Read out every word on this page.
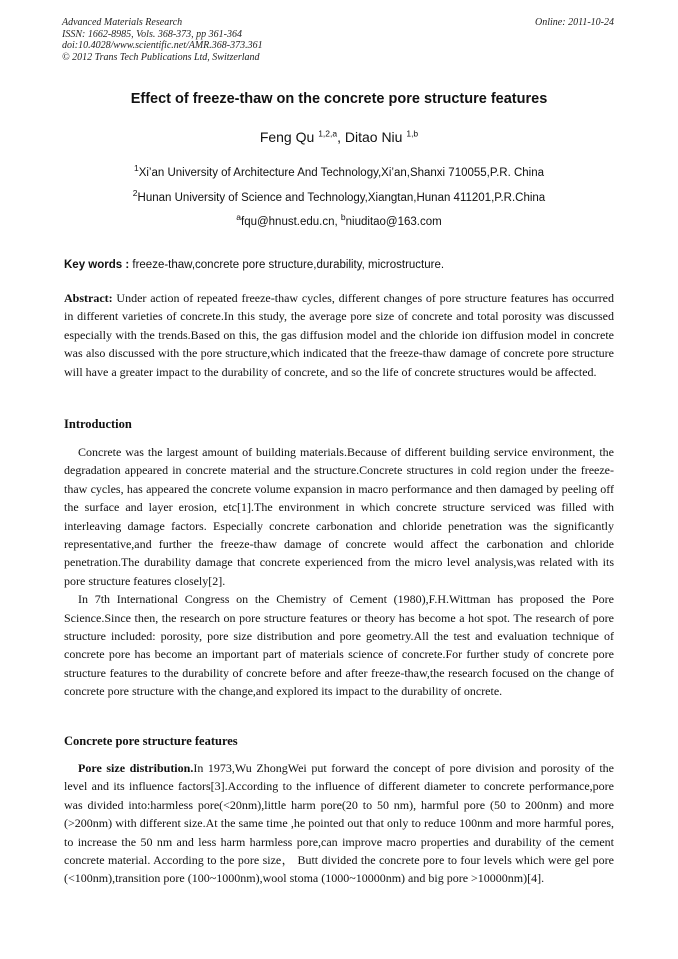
Advanced Materials Research
ISSN: 1662-8985, Vols. 368-373, pp 361-364
doi:10.4028/www.scientific.net/AMR.368-373.361
© 2012 Trans Tech Publications Ltd, Switzerland
Online: 2011-10-24
Effect of freeze-thaw on the concrete pore structure features
Feng Qu $^{1,2,a}$, Ditao Niu $^{1,b}$
$^1$Xi’an University of Architecture And Technology,Xi’an,Shanxi 710055,P.R. China
$^2$Hunan University of Science and Technology,Xiangtan,Hunan 411201,P.R.China
$^a$fqu@hnust.edu.cn, $^b$niuditao@163.com
Key words : freeze-thaw,concrete pore structure,durability, microstructure.

Abstract: Under action of repeated freeze-thaw cycles, different changes of pore structure features has occurred in different varieties of concrete.In this study, the average pore size of concrete and total porosity was discussed especially with the trends.Based on this, the gas diffusion model and the chloride ion diffusion model in concrete was also discussed with the pore structure,which indicated that the freeze-thaw damage of concrete pore structure will have a greater impact to the durability of concrete, and so the life of concrete structures would be affected.

Introduction

Concrete was the largest amount of building materials.Because of different building service environment, the degradation appeared in concrete material and the structure.Concrete structures in cold region under the freeze-thaw cycles, has appeared the concrete volume expansion in macro performance and then damaged by peeling off the surface and layer erosion, etc[1].The environment in which concrete structure serviced was filled with interleaving damage factors. Especially concrete carbonation and chloride penetration was the significantly representative,and further the freeze-thaw damage of concrete would affect the carbonation and chloride penetration.The durability damage that concrete experienced from the micro level analysis,was related with its pore structure features closely[2].

In 7th International Congress on the Chemistry of Cement (1980),F.H.Wittman has proposed the Pore Science.Since then, the research on pore structure features or theory has become a hot spot. The research of pore structure included: porosity, pore size distribution and pore geometry.All the test and evaluation technique of concrete pore has become an important part of materials science of concrete.For further study of concrete pore structure features to the durability of concrete before and after freeze-thaw,the research focused on the change of concrete pore structure with the change,and explored its impact to the durability of oncrete.

Concrete pore structure features

Pore size distribution.In 1973,Wu ZhongWei put forward the concept of pore division and porosity of the level and its influence factors[3].According to the influence of different diameter to concrete performance,pore was divided into:harmless pore(<20nm),little harm pore(20 to 50 nm), harmful pore (50 to 200nm) and more (>200nm) with different size.At the same time ,he pointed out that only to reduce 100nm and more harmful pores, to increase the 50 nm and less harm harmless pore,can improve macro properties and durability of the cement concrete material. According to the pore size， Butt divided the concrete pore to four levels which were gel pore (<100nm),transition pore (100~1000nm),wool stoma (1000~10000nm) and big pore >10000nm)[4].
